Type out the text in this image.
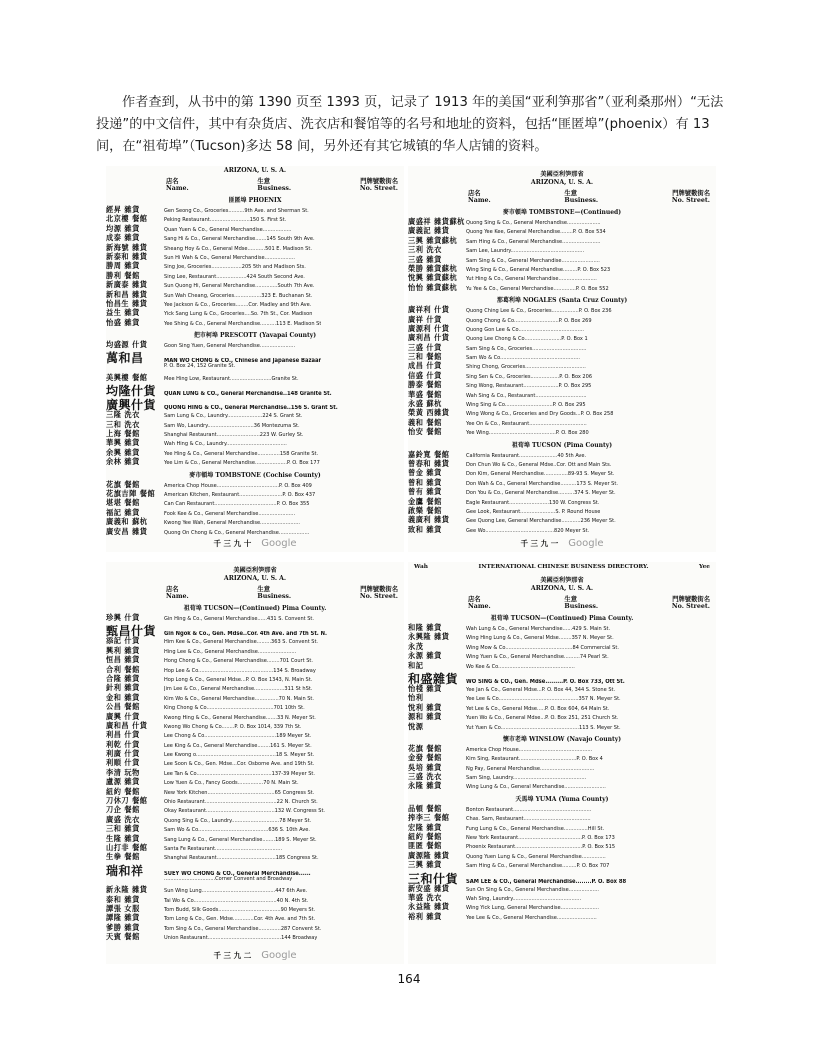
作者查到，从书中的第 1390 页至 1393 页，记录了 1913 年的美国“亚利笋那省”（亚利桑那州）“无法投递”的中文信件，其中有杂货店、洗衣店和餐馆等的名号和地址的资料，包括“匪匿埠”(phoenix）有 13 间，在“祖荀埠”（Tucson)多达 58 间，另外还有其它城镇的华人店铺的资料。
ARIZONA, U. S. A.
店名
Name.
生意
Business.
門牌號數街名
No. Street.
匪匿埠 PHOENIX
經昇 雜貨	Gen Seong Co., Groceries..........9th Ave. and Sherman St.
北京樓 餐館	Peking Restaurant.........................150 S. First St.
均源 雜貨	Quan Yuen & Co., General Merchandise..................
成泰 雜貨	Sang Hi & Co., General Merchandise.......145 South 9th Ave.
新海號 雜貨	Sheang Hoy & Co., General Mdse...........501 E. Madison St.
新泰和 雜貨	Sun Hi Wah & Co., General Merchandise...................
勝周 雜貨	Sing Joe, Groceries...................205 5th and Madison Sts.
勝利 餐館	Sing Lee, Restaurant...................424 South Second Ave.
新廣泰 雜貨	Sun Quong Hi, General Merchandise..............South 7th Ave.
新和昌 雜貨	Sun Wah Cheang, Groceries.................323 E. Buchanan St.
怡昌生 雜貨	Yee Jackson & Co., Groceries........Cor. Madley and 9th Ave.
益生 雜貨	Yick Sang Lung & Co., Groceries....So. 7th St., Cor. Madison
怡盛 雜貨	Yee Shing & Co., General Merchandise..........113 E. Madison St
把市柯埠 PRESCOTT (Yavapai County)
均盛源 什貨	Goon Sing Yuen, General Merchandise......................
萬和昌	MAN WO CHONG & CO., Chinese and Japanese Bazaar
P. O. Box 24, 152 Granite St.
美興樓 餐館	Mee Hing Low, Restaurant..........................Granite St.
均隆什貨	QUAN LUNG & CO., General Merchandise..148 Granite St.
廣興什貨	QUONG HING & CO., General Merchandise..156 S. Grant St.
三隆 洗衣	Sam Lung & Co., Laundry......................224 S. Grant St.
三和 洗衣	Sam Wo, Laundry.............................36 Montezuma St.
上海 餐館	Shanghai Restaurant...........................223 W. Gurley St.
華興 雜貨	Wah Hing & Co., Laundry......................................
余興 雜貨	Yee Hing & Co., General Merchandise..............158 Granite St.
余林 雜貨	Yee Lim & Co., General Merchandise....................P. O. Box 177
麥市頓埠 TOMBSTONE (Cochise County)
花旗 餐館	America Chop House.......................................P. O. Box 409
花旗吉陣 餐館	American Kitchen, Restaurant...........................P. O. Box 437
堪堪 餐館	Can Can Restaurant.......................................P. O. Box 355
福記 雜貨	Fook Kee & Co., General Merchandise.......................
廣義和 蘇杭	Kwong Yee Wah, General Merchandise.........................
廣安昌 雜貨	Quong On Chong & Co., General Merchandise...................
千 三 九 十 Google
美國亞利笋那省
ARIZONA, U. S. A.
店名
Name.
生意
Business.
門牌號數街名
No. Street.
麥市頓埠 TOMBSTONE—(Continued)
廣盛祥 雜貨蘇杭 Quong Sing & Co., General Merchandise.....................
廣義記 雜貨	Quong Yee Kee, General Merchandise........P. O. Box 534
三興 雜貨蘇杭	Sam Hing & Co., General Merchandise........................
三利 洗衣	Sam Lee, Laundry..............................................
三盛 雜貨	Sam Sing & Co., General Merchandise........................
榮勝 雜貨蘇杭	Wing Sing & Co., General Merchandise.........P. O. Box 523
悅興 雜貨蘇杭	Yut Hing & Co., General Merchandise........................
怡怡 雜貨蘇杭	Yu Yee & Co., General Merchandise..............P. O. Box 552
那葛利埠 NOGALES (Santa Cruz County)
廣祥利 什貨	Quong Ching Lee & Co., Groceries.................P. O. Box 236
廣祥 什貨	Quong Chong & Co............................P. O. Box 269
廣源利 什貨	Quong Gon Lee & Co.........................................
廣利昌 什貨	Quong Lee Chong & Co.......................P. O. Box 1
三盛 什貨	Sam Sing & Co., Groceries..................................
三和 餐館	Sam Wo & Co..................................................
成昌 什貨	Shing Chong, Groceries......................................
信盛 什貨	Sing Sen & Co., Groceries..................P. O. Box 206
勝泰 餐館	Sing Wong, Restaurant......................P. O. Box 295
華盛 餐館	Wah Sing & Co., Restaurant................................
永盛 蘇杭	Wing Sing & Co..............................P. O. Box 295
榮黃 西雜貨	Wing Wong & Co., Groceries and Dry Goods...P. O. Box 258
義和 餐館	Yee On & Co., Restaurant....................................
怡安 餐館	Yee Wing..........................................P. O. Box 280
祖荀埠 TUCSON (Pima County)
嘉鈴寬 餐館	California Restaurant........................40 5th Ave.
曾春和 雜貨	Don Chun Wo & Co., General Mdse..Cor. Ott and Main Sts.
曾金 雜貨	Don Kim, General Merchandise...............89-93 S. Meyer St.
曾和 雜貨	Don Wah & Co., General Merchandise..........173 S. Meyer St.
曾有 雜貨	Don You & Co., General Merchandise..........374 S. Meyer St.
金鷹 餐館	Eagle Restaurant.........................130 W. Congress St.
啟樂 餐館	Gee Look, Restaurant......................S. P. Round House
義廣利 雜貨	Gee Quong Lee, General Merchandise............236 Meyer St.
致和 雜貨	Gee Wo...........................................820 Meyer St.
千 三 九 一 Google
美國亞利笋那省
ARIZONA, U. S. A.
店名
Name.
生意
Business.
門牌號數街名
No. Street.
祖荀埠 TUCSON—(Continued) Pima County.
珍興 什貨	Gin Hing & Co., General Merchandise......431 S. Convent St.
甄昌什貨	Gin Ngok & Co., Gen. Mdse..Cor. 4th Ave. and 7th St. N.
添記 什貨	Him Kee & Co., General Merchandise.........363 S. Convent St.
興利 雜貨	Hing Lee & Co., General Merchandise........................
恒昌 雜貨	Hong Chong & Co., General Merchandise........701 Court St.
合利 餐館	Hop Lee & Co...............................................134 S. Broadway
合隆 雜貨	Hop Long & Co., General Mdse...P. O. Box 1343, N. Main St.
針利 雜貨	Jim Lee & Co., General Merchandise...................311 St hSt.
金和 雜貨	Kim Wo & Co., General Merchandise...............70 N. Main St.
公昌 餐館	King Chong & Co..........................................701 10th St.
廣興 什貨	Kwong Hing & Co., General Merchandise.......33 N. Meyer St.
廣和昌 什貨	Kwong Wo Chong & Co........P. O. Box 1014, 339 7th St.
利昌 什貨	Lee Chong & Co.............................................189 Meyer St.
利乾 什貨	Lee King & Co., General Merchandise........161 S. Meyer St.
利廣 什貨	Lee Kwong o..................................................18 S. Meyer St.
利順 什貨	Lee Soon & Co., Gen. Mdse...Cor. Osborne Ave. and 19th St.
李清 玩物	Lee Tan & Co...............................................137-39 Meyer St.
盧源 雜貨	Low Yuen & Co., Fancy Goods................70 N. Main St.
紐約 餐館	New York Kitchen..........................................65 Congress St.
刀休刀 餐館	Ohio Restaurant.............................................22 N. Church St.
刀企 餐館	Okay Restaurant...........................................132 W. Congress St.
廣盛 洗衣	Quong Sing & Co., Laundry..............................78 Meyer St.
三和 雜貨	Sam Wo & Co............................................636 S. 10th Ave.
生隆 雜貨	Sang Lung & Co., General Merchandise........189 S. Meyer St.
山打非 餐館	Santa Fe Restaurant..........................................
生拳 餐館	Shanghai Restaurant.....................................185 Congress St.
瑞和祥	SUEY WO CHONG & CO., General Merchandise......
................................Corner Convent and Broadway
新永隆 雜貨	Sun Wing Lung..............................................447 6th Ave.
泰和 雜貨	Tai Wo & Co....................................................40 N. 4th St.
譚張 女服	Tom Budd, Silk Goods.......................................90 Meyers St.
譚隆 雜貨	Tom Long & Co., Gen. Mdse.............Cor. 4th Ave. and 7th St.
爹勝 雜貨	Tom Sing & Co., General Merchandise..............287 Convent St.
天賓 餐館	Union Restaurant..............................................144 Broadway
千 三 九 二 Google
Wah	INTERNATIONAL CHINESE BUSINESS DIRECTORY.	Yee
美國亞利笋那省
ARIZONA, U. S. A.
店名
Name.
生意
Business.
門牌號數街名
No. Street.
祖荀埠 TUCSON—(Continued) Pima County.
和隆 雜貨	Wah Lung & Co., General Merchandise......429 S. Main St.
永興隆 雜貨	Wing Hing Lung & Co., General Mdse........357 N. Meyer St.
永茂	Wing Mow & Co..........................................84 Commercial St.
永源 雜貨	Wing Yuen & Co., General Merchandise..........74 Pearl St.
和記	Wo Kee & Co................................................
和盛雜貨	WO SING & CO., Gen. Mdse.........P. O. Box 733, Ott St.
怡棧 雜貨	Yee Jan & Co., General Mdse...P. O. Box 44, 344 S. Stone St.
怡利	Yee Lee & Co..................................................357 N. Meyer St.
悅利 雜貨	Yet Lee & Co., General Mdse.....P. O. Box 604, 64 Main St.
源和 雜貨	Yuen Wo & Co., General Mdse...P. O. Box 251, 251 Church St.
悅源	Yut Yuen & Co.................................................113 S. Meyer St.
懷市老埠 WINSLOW (Navajo County)
花旗 餐館	America Chop House..............................................
金發 餐館	Kim Sing, Restaurant....................................P. O. Box 4
吳培 雜貨	Ng Pay, General Merchandise..................................
三盛 洗衣	Sam Sing, Laundry..............................................
永隆 雜貨	Wing Lung & Co., General Merchandise..........................
夭馬埠 YUMA (Yuma County)
品頓 餐館	Bonton Restaurant.................................................
搾李三 餐館	Chas. Sam, Restaurant..........................................
宏隆 雜貨	Fung Lung & Co., General Merchandise...............Hill St.
紐約 餐館	New York Restaurant........................................P. O. Box 173
匪匿 餐館	Phoenix Restaurant..........................................P. O. Box 515
廣源隆 雜貨	Quong Yuen Lung & Co., General Merchandise...............
三興 雜貨	Sam Hing & Co., General Merchandise.........P. O. Box 707
三和什貨	SAM LEE & CO., General Merchandise........P. O. Box 88
新安盛 雜貨	Sun On Sing & Co., General Merchandise...................
華盛 洗衣	Wah Sing, Laundry...........................................
永益隆 雜貨	Wing Yick Lung, General Merchandise........................
裕利 雜貨	Yee Lee & Co., General Merchandise.........................
164
